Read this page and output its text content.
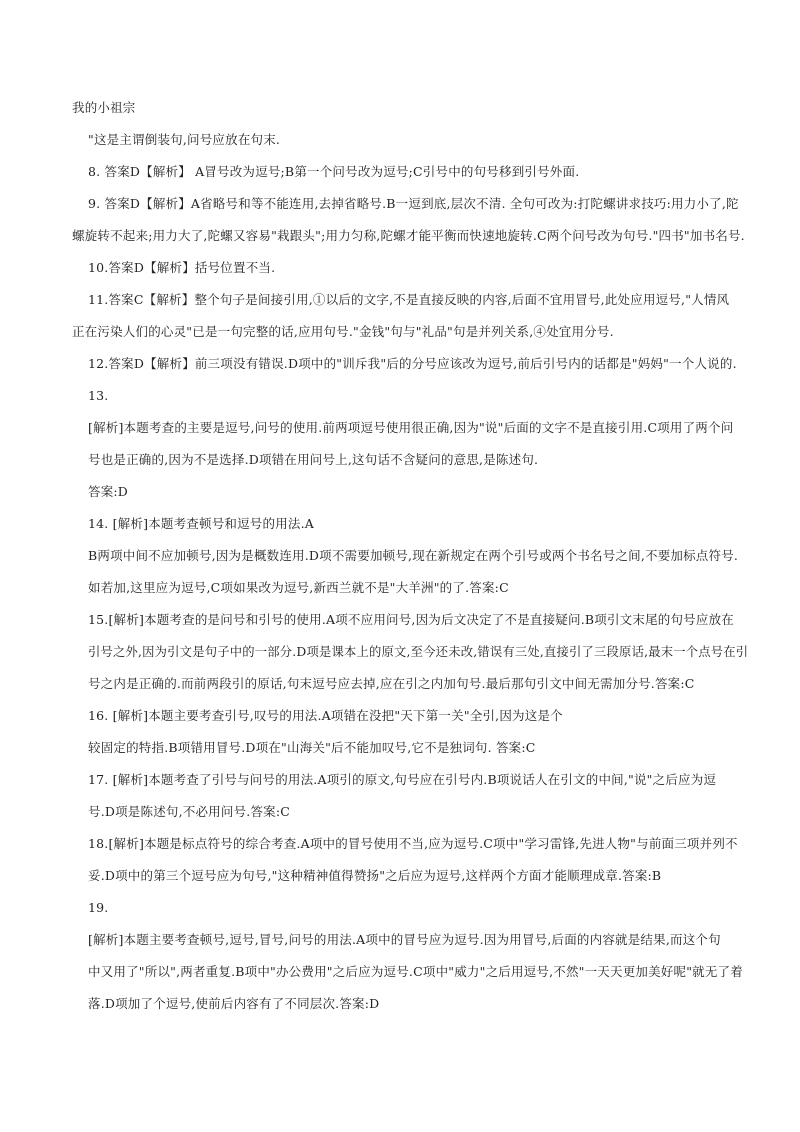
我的小祖宗
"这是主谓倒装句,问号应放在句末.
8. 答案D【解析】 A冒号改为逗号;B第一个问号改为逗号;C引号中的句号移到引号外面.
9. 答案D【解析】A省略号和等不能连用,去掉省略号.B一逗到底,层次不清. 全句可改为:打陀螺讲求技巧:用力小了,陀
螺旋转不起来;用力大了,陀螺又容易"栽跟头";用力匀称,陀螺才能平衡而快速地旋转.C两个问号改为句号."四书"加书名号.
10.答案D【解析】括号位置不当.
11.答案C【解析】整个句子是间接引用,①以后的文字,不是直接反映的内容,后面不宜用冒号,此处应用逗号,"人情风
正在污染人们的心灵"已是一句完整的话,应用句号."金钱"句与"礼品"句是并列关系,④处宜用分号.
12.答案D【解析】前三项没有错误.D项中的"训斥我"后的分号应该改为逗号,前后引号内的话都是"妈妈"一个人说的.
13.
[解析]本题考查的主要是逗号,问号的使用.前两项逗号使用很正确,因为"说"后面的文字不是直接引用.C项用了两个问
号也是正确的,因为不是选择.D项错在用问号上,这句话不含疑问的意思,是陈述句.
答案:D
14. [解析]本题考查顿号和逗号的用法.A
B两项中间不应加顿号,因为是概数连用.D项不需要加顿号,现在新规定在两个引号或两个书名号之间,不要加标点符号.
如若加,这里应为逗号,C项如果改为逗号,新西兰就不是"大羊洲"的了.答案:C
15.[解析]本题考查的是问号和引号的使用.A项不应用问号,因为后文决定了不是直接疑问.B项引文末尾的句号应放在
引号之外,因为引文是句子中的一部分.D项是课本上的原文,至今还未改,错误有三处,直接引了三段原话,最末一个点号在引
号之内是正确的.而前两段引的原话,句末逗号应去掉,应在引之内加句号.最后那句引文中间无需加分号.答案:C
16. [解析]本题主要考查引号,叹号的用法.A项错在没把"天下第一关"全引,因为这是个
较固定的特指.B项错用冒号.D项在"山海关"后不能加叹号,它不是独词句. 答案:C
17. [解析]本题考查了引号与问号的用法.A项引的原文,句号应在引号内.B项说话人在引文的中间,"说"之后应为逗
号.D项是陈述句,不必用问号.答案:C
18.[解析]本题是标点符号的综合考查.A项中的冒号使用不当,应为逗号.C项中"学习雷锋,先进人物"与前面三项并列不
妥.D项中的第三个逗号应为句号,"这种精神值得赞扬"之后应为逗号,这样两个方面才能顺理成章.答案:B
19.
[解析]本题主要考查顿号,逗号,冒号,问号的用法.A项中的冒号应为逗号.因为用冒号,后面的内容就是结果,而这个句
中又用了"所以",两者重复.B项中"办公费用"之后应为逗号.C项中"威力"之后用逗号,不然"一天天更加美好呢"就无了着
落.D项加了个逗号,使前后内容有了不同层次.答案:D
